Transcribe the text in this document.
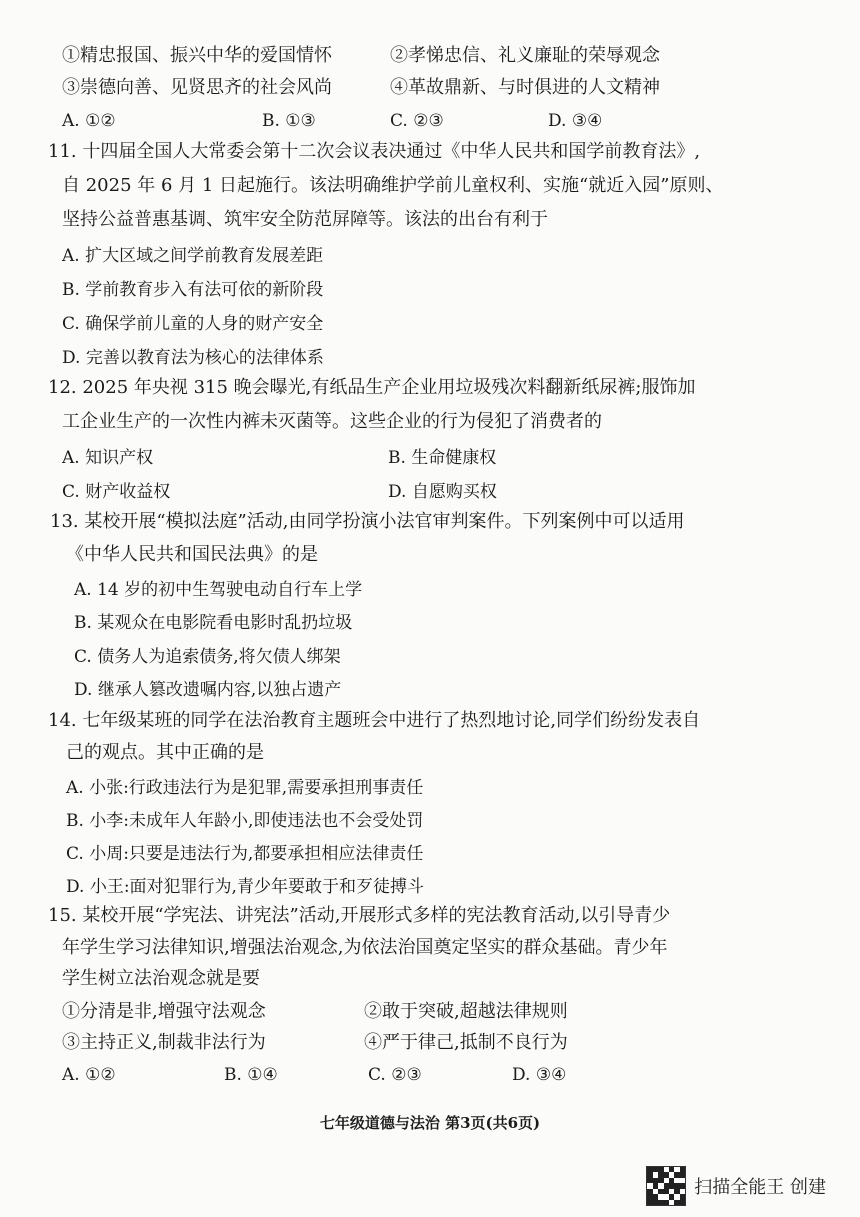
①精忠报国、振兴中华的爱国情怀	②孝悌忠信、礼义廉耻的荣辱观念
③崇德向善、见贤思齐的社会风尚	④革故鼎新、与时俱进的人文精神
A. ①②	B. ①③	C. ②③	D. ③④
11. 十四届全国人大常委会第十二次会议表决通过《中华人民共和国学前教育法》,
自 2025 年 6 月 1 日起施行。该法明确维护学前儿童权利、实施“就近入园”原则、
坚持公益普惠基调、筑牢安全防范屏障等。该法的出台有利于
A. 扩大区域之间学前教育发展差距
B. 学前教育步入有法可依的新阶段
C. 确保学前儿童的人身的财产安全
D. 完善以教育法为核心的法律体系
12. 2025 年央视 315 晚会曝光,有纸品生产企业用垃圾残次料翻新纸尿裤;服饰加
工企业生产的一次性内裤未灭菌等。这些企业的行为侵犯了消费者的
A. 知识产权	B. 生命健康权
C. 财产收益权	D. 自愿购买权
13. 某校开展“模拟法庭”活动,由同学扮演小法官审判案件。下列案例中可以适用
《中华人民共和国民法典》的是
A. 14 岁的初中生驾驶电动自行车上学
B. 某观众在电影院看电影时乱扔垃圾
C. 债务人为追索债务,将欠债人绑架
D. 继承人篡改遗嘱内容,以独占遗产
14. 七年级某班的同学在法治教育主题班会中进行了热烈地讨论,同学们纷纷发表自
己的观点。其中正确的是
A. 小张:行政违法行为是犯罪,需要承担刑事责任
B. 小李:未成年人年龄小,即使违法也不会受处罚
C. 小周:只要是违法行为,都要承担相应法律责任
D. 小王:面对犯罪行为,青少年要敢于和歹徒搏斗
15. 某校开展“学宪法、讲宪法”活动,开展形式多样的宪法教育活动,以引导青少
年学生学习法律知识,增强法治观念,为依法治国奠定坚实的群众基础。青少年
学生树立法治观念就是要
①分清是非,增强守法观念	②敢于突破,超越法律规则
③主持正义,制裁非法行为	④严于律己,抵制不良行为
A. ①②	B. ①④	C. ②③	D. ③④
七年级道德与法治 第3页(共6页)
扫描全能王 创建
